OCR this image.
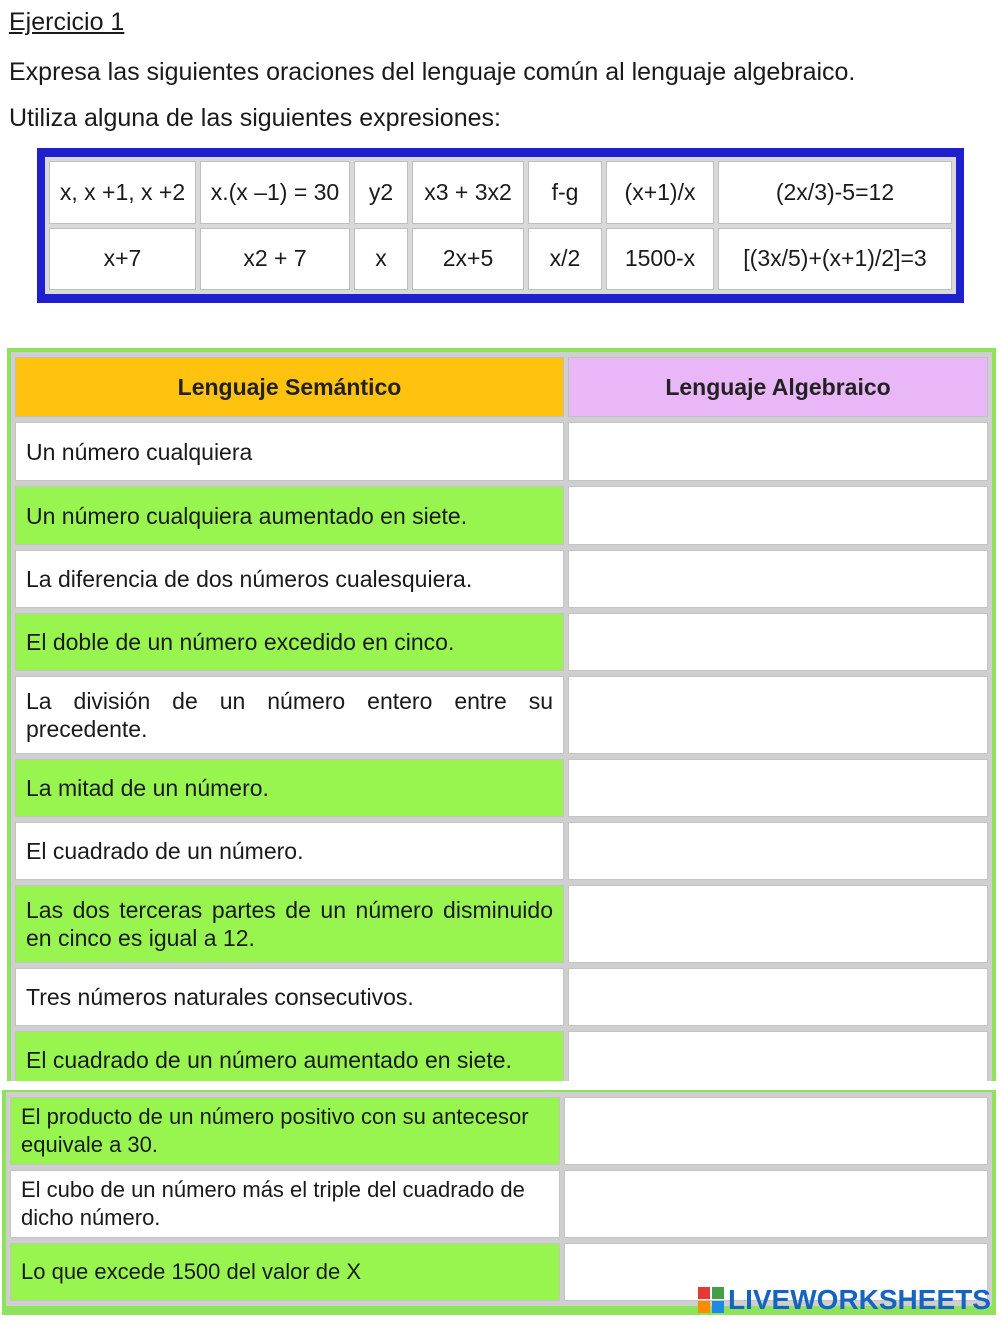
Ejercicio 1
Expresa las siguientes oraciones del lenguaje común al lenguaje algebraico.
Utiliza alguna de las siguientes expresiones:
x, x +1, x +2	x.(x –1) = 30	y2	x3 + 3x2	f-g	(x+1)/x	(2x/3)-5=12
x+7	x2 + 7	x	2x+5	x/2	1500-x	[(3x/5)+(x+1)/2]=3
Lenguaje Semántico	Lenguaje Algebraico
Un número cualquiera	
Un número cualquiera aumentado en siete.	
La diferencia de dos números cualesquiera.	
El doble de un número excedido en cinco.	
La división de un número entero entre su precedente.	
La mitad de un número.	
El cuadrado de un número.	
Las dos terceras partes de un número disminuido en cinco es igual a 12.	
Tres números naturales consecutivos.	
El cuadrado de un número aumentado en siete.	
El producto de un número positivo con su antecesor equivale a 30.	
El cubo de un número más el triple del cuadrado de dicho número.	
Lo que excede 1500 del valor de X	
LIVEWORKSHEETS
